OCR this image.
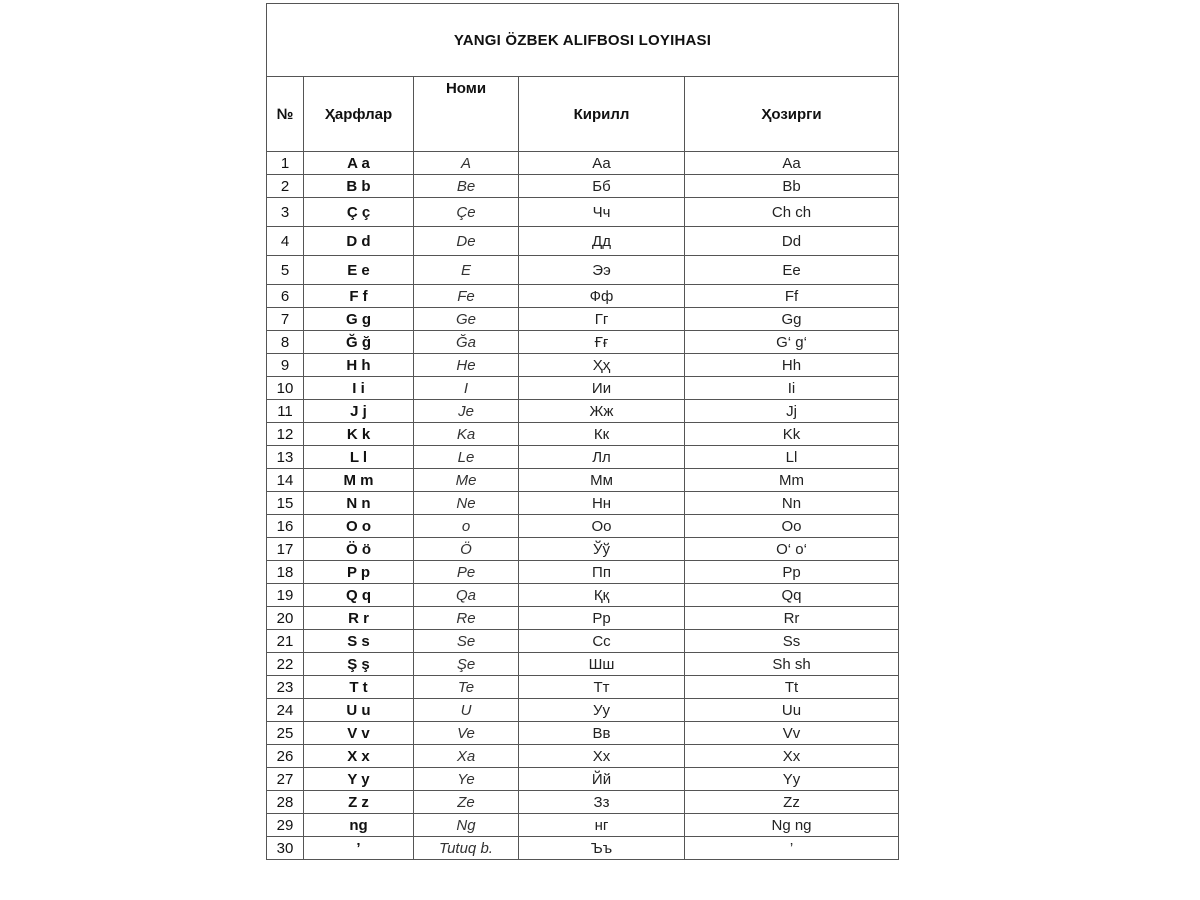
YANGI ÖZBEK ALIFBOSI LOYIHASI				
№	Ҳарфлар	Номи	Кирилл	Ҳозирги
1	A a	A	Аа	Aa
2	B b	Be	Бб	Bb
3	Ç ç	Çe	Чч	Ch ch
4	D d	De	Дд	Dd
5	E e	E	Ээ	Ee
6	F f	Fe	Фф	Ff
7	G g	Ge	Гг	Gg
8	Ğ ğ	Ğa	Ғғ	G‘ g‘
9	H h	He	Ҳҳ	Hh
10	I i	I	Ии	Ii
11	J j	Je	Жж	Jj
12	K k	Ka	Кк	Kk
13	L l	Le	Лл	Ll
14	M m	Me	Мм	Mm
15	N n	Ne	Нн	Nn
16	O o	o	Оо	Oo
17	Ö ö	Ö	Ўў	O‘ o‘
18	P p	Pe	Пп	Pp
19	Q q	Qa	Ққ	Qq
20	R r	Re	Рр	Rr
21	S s	Se	Сс	Ss
22	Ş ş	Şe	Шш	Sh sh
23	T t	Te	Тт	Tt
24	U u	U	Уу	Uu
25	V v	Ve	Вв	Vv
26	X x	Xa	Хх	Xx
27	Y y	Ye	Йй	Yy
28	Z z	Ze	Зз	Zz
29	ng	Ng	нг	Ng ng
30	’	Tutuq b.	Ъъ	’
